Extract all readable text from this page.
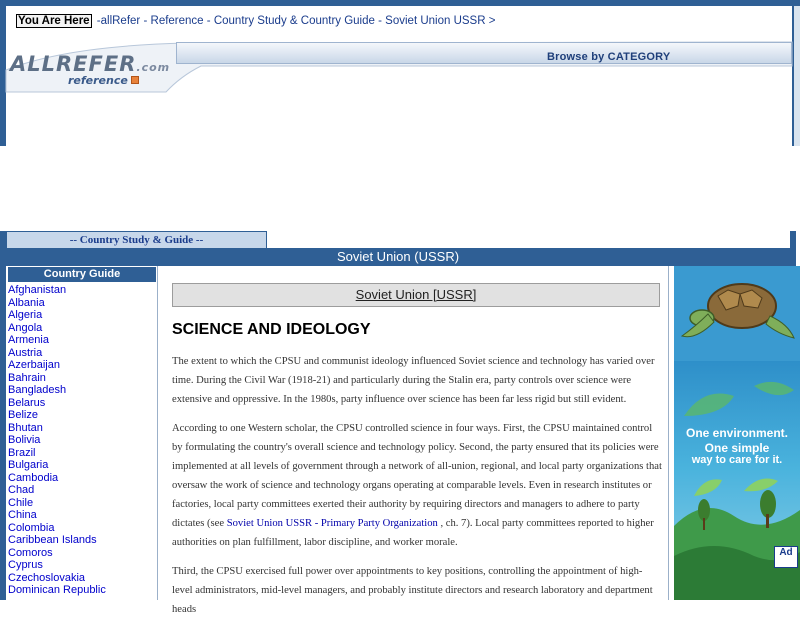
You Are Here -allRefer - Reference - Country Study & Country Guide - Soviet Union USSR >
Browse by CATEGORY
ALLREFER.com
reference
-- Country Study & Guide --
Soviet Union (USSR)
Country Guide
Afghanistan
Albania
Algeria
Angola
Armenia
Austria
Azerbaijan
Bahrain
Bangladesh
Belarus
Belize
Bhutan
Bolivia
Brazil
Bulgaria
Cambodia
Chad
Chile
China
Colombia
Caribbean Islands
Comoros
Cyprus
Czechoslovakia
Dominican Republic
Soviet Union [USSR]
SCIENCE AND IDEOLOGY

The extent to which the CPSU and communist ideology influenced Soviet science and technology has varied over time. During the Civil War (1918-21) and particularly during the Stalin era, party controls over science were extensive and oppressive. In the 1980s, party influence over science has been far less rigid but still evident.

According to one Western scholar, the CPSU controlled science in four ways. First, the CPSU maintained control by formulating the country's overall science and technology policy. Second, the party ensured that its policies were implemented at all levels of government through a network of all-union, regional, and local party organizations that oversaw the work of science and technology organs operating at comparable levels. Even in research institutes or factories, local party committees exerted their authority by requiring directors and managers to adhere to party dictates (see Soviet Union USSR - Primary Party Organization , ch. 7). Local party committees reported to higher authorities on plan fulfillment, labor discipline, and worker morale.

Third, the CPSU exercised full power over appointments to key positions, controlling the appointment of high-level administrators, mid-level managers, and probably institute directors and research laboratory and department heads

One environment.
One simple
way to care for it.
Ad
